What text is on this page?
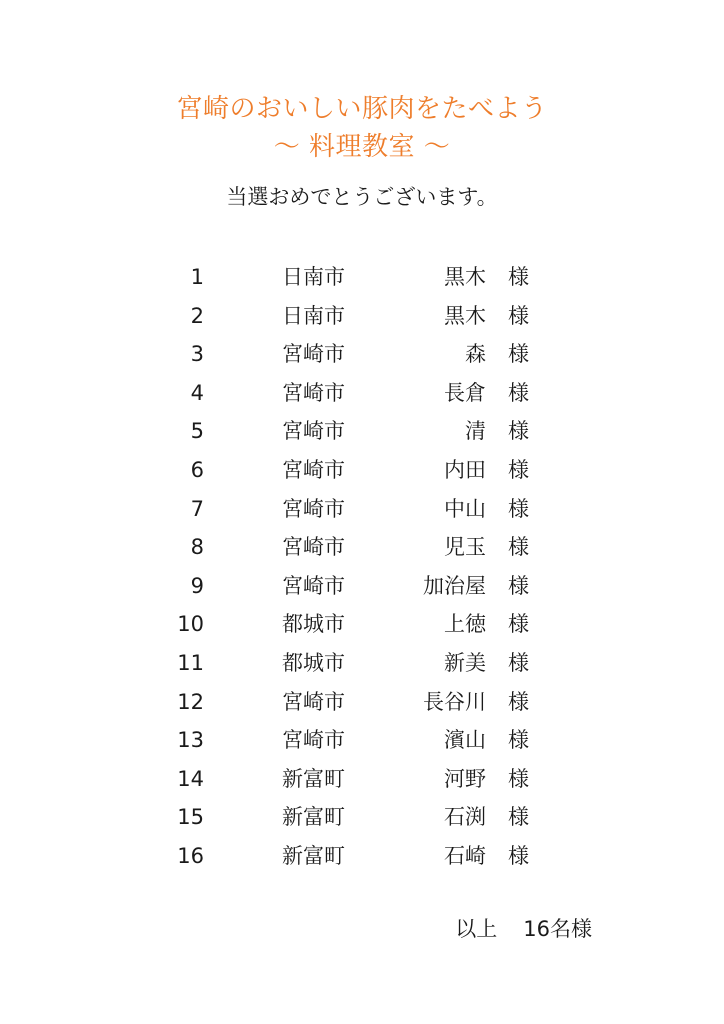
宮崎のおいしい豚肉をたべよう
～ 料理教室 ～
当選おめでとうございます。
1	日南市	黒木 様
2	日南市	黒木 様
3	宮崎市	森 様
4	宮崎市	長倉 様
5	宮崎市	清 様
6	宮崎市	内田 様
7	宮崎市	中山 様
8	宮崎市	児玉 様
9	宮崎市	加治屋 様
10	都城市	上徳 様
11	都城市	新美 様
12	宮崎市	長谷川 様
13	宮崎市	濱山 様
14	新富町	河野 様
15	新富町	石渕 様
16	新富町	石崎 様
以上 16名様
